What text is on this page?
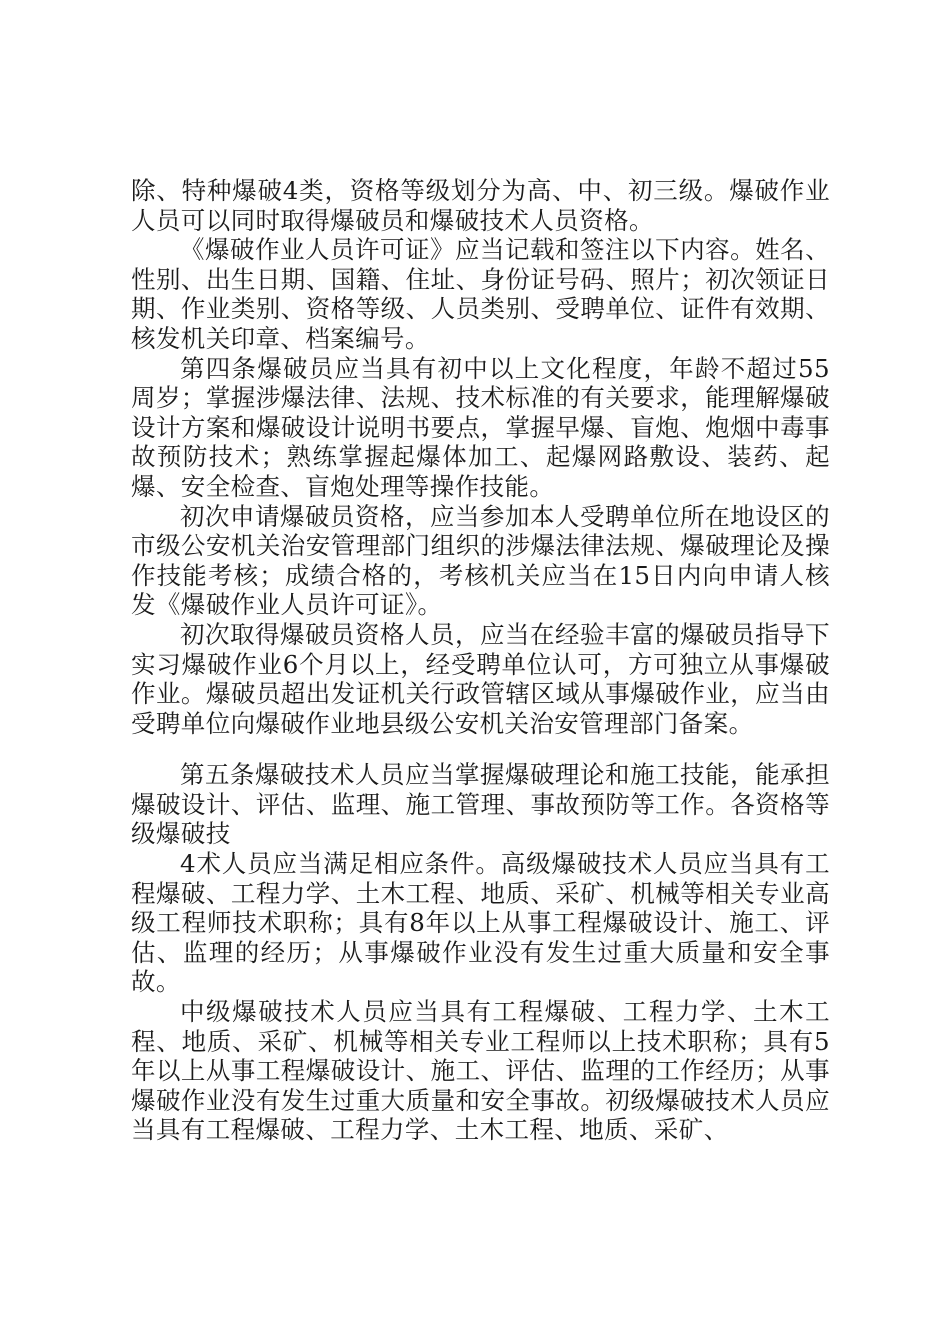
除、特种爆破4类，资格等级划分为高、中、初三级。爆破作业人员可以同时取得爆破员和爆破技术人员资格。

《爆破作业人员许可证》应当记载和签注以下内容。姓名、性别、出生日期、国籍、住址、身份证号码、照片；初次领证日期、作业类别、资格等级、人员类别、受聘单位、证件有效期、核发机关印章、档案编号。

第四条爆破员应当具有初中以上文化程度，年龄不超过55周岁；掌握涉爆法律、法规、技术标准的有关要求，能理解爆破设计方案和爆破设计说明书要点，掌握早爆、盲炮、炮烟中毒事故预防技术；熟练掌握起爆体加工、起爆网路敷设、装药、起爆、安全检查、盲炮处理等操作技能。

初次申请爆破员资格，应当参加本人受聘单位所在地设区的市级公安机关治安管理部门组织的涉爆法律法规、爆破理论及操作技能考核；成绩合格的，考核机关应当在15日内向申请人核发《爆破作业人员许可证》。

初次取得爆破员资格人员，应当在经验丰富的爆破员指导下实习爆破作业6个月以上，经受聘单位认可，方可独立从事爆破作业。爆破员超出发证机关行政管辖区域从事爆破作业，应当由受聘单位向爆破作业地县级公安机关治安管理部门备案。

第五条爆破技术人员应当掌握爆破理论和施工技能，能承担爆破设计、评估、监理、施工管理、事故预防等工作。各资格等级爆破技

4术人员应当满足相应条件。高级爆破技术人员应当具有工程爆破、工程力学、土木工程、地质、采矿、机械等相关专业高级工程师技术职称；具有8年以上从事工程爆破设计、施工、评估、监理的经历；从事爆破作业没有发生过重大质量和安全事故。

中级爆破技术人员应当具有工程爆破、工程力学、土木工程、地质、采矿、机械等相关专业工程师以上技术职称；具有5年以上从事工程爆破设计、施工、评估、监理的工作经历；从事爆破作业没有发生过重大质量和安全事故。初级爆破技术人员应当具有工程爆破、工程力学、土木工程、地质、采矿、
